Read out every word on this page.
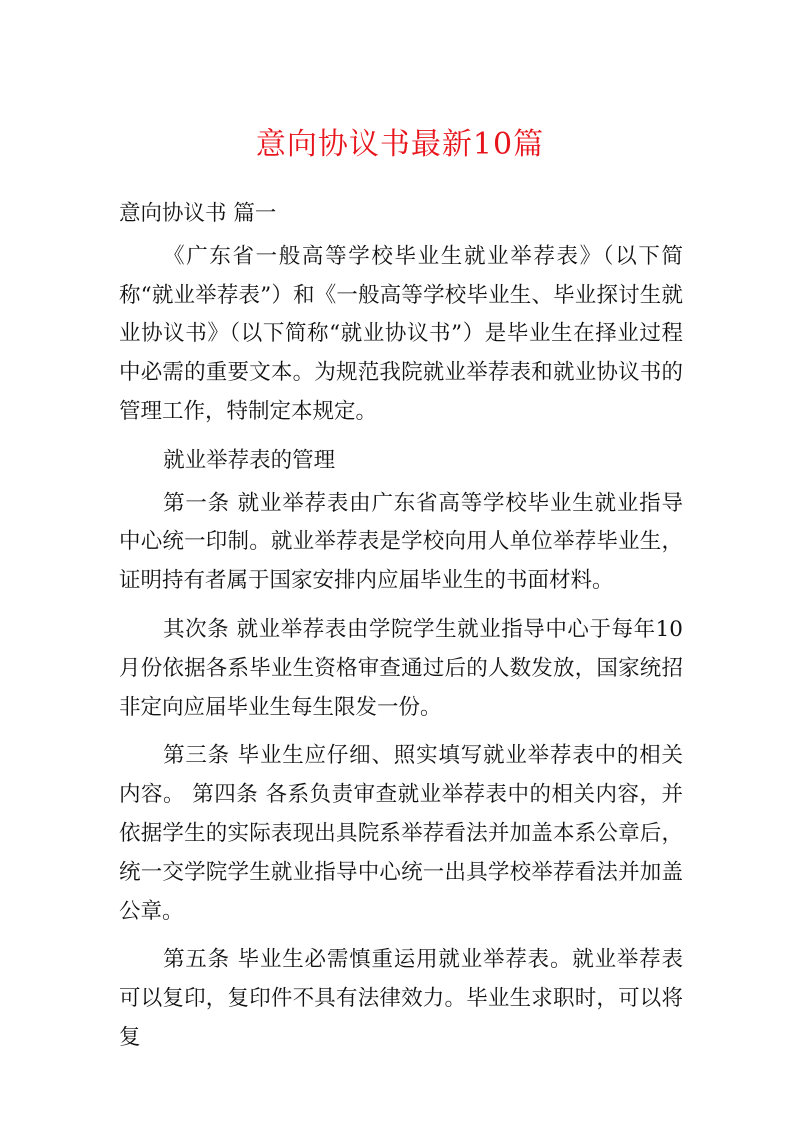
意向协议书最新10篇

意向协议书 篇一

《广东省一般高等学校毕业生就业举荐表》（以下简称“就业举荐表”）和《一般高等学校毕业生、毕业探讨生就业协议书》（以下简称“就业协议书”）是毕业生在择业过程中必需的重要文本。为规范我院就业举荐表和就业协议书的管理工作，特制定本规定。

就业举荐表的管理

第一条 就业举荐表由广东省高等学校毕业生就业指导中心统一印制。就业举荐表是学校向用人单位举荐毕业生，证明持有者属于国家安排内应届毕业生的书面材料。

其次条 就业举荐表由学院学生就业指导中心于每年10月份依据各系毕业生资格审查通过后的人数发放，国家统招非定向应届毕业生每生限发一份。

第三条 毕业生应仔细、照实填写就业举荐表中的相关内容。 第四条 各系负责审查就业举荐表中的相关内容，并依据学生的实际表现出具院系举荐看法并加盖本系公章后，统一交学院学生就业指导中心统一出具学校举荐看法并加盖公章。

第五条 毕业生必需慎重运用就业举荐表。就业举荐表可以复印，复印件不具有法律效力。毕业生求职时，可以将复
